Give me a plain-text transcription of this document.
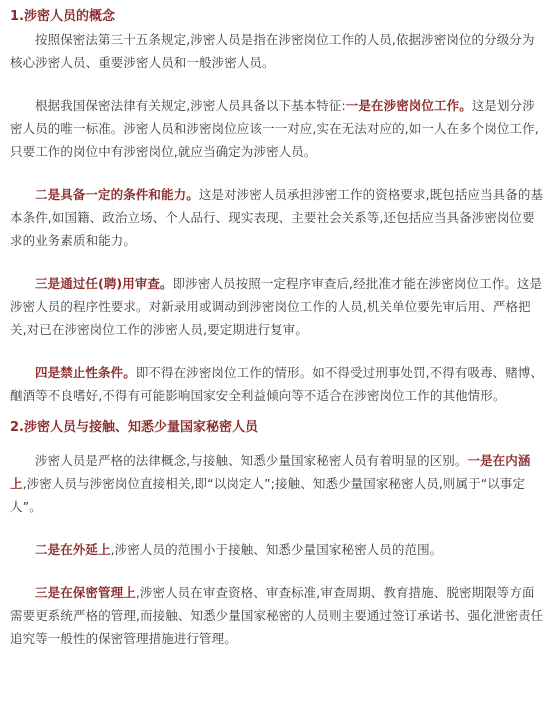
1.涉密人员的概念

按照保密法第三十五条规定,涉密人员是指在涉密岗位工作的人员,依据涉密岗位的分级分为核心涉密人员、重要涉密人员和一般涉密人员。

根据我国保密法律有关规定,涉密人员具备以下基本特征:一是在涉密岗位工作。这是划分涉密人员的唯一标准。涉密人员和涉密岗位应该一一对应,实在无法对应的,如一人在多个岗位工作,只要工作的岗位中有涉密岗位,就应当确定为涉密人员。

二是具备一定的条件和能力。这是对涉密人员承担涉密工作的资格要求,既包括应当具备的基本条件,如国籍、政治立场、个人品行、现实表现、主要社会关系等,还包括应当具备涉密岗位要求的业务素质和能力。

三是通过任(聘)用审查。即涉密人员按照一定程序审查后,经批准才能在涉密岗位工作。这是涉密人员的程序性要求。对新录用或调动到涉密岗位工作的人员,机关单位要先审后用、严格把关,对已在涉密岗位工作的涉密人员,要定期进行复审。

四是禁止性条件。即不得在涉密岗位工作的情形。如不得受过刑事处罚,不得有吸毒、赌博、酗酒等不良嗜好,不得有可能影响国家安全利益倾向等不适合在涉密岗位工作的其他情形。

2.涉密人员与接触、知悉少量国家秘密人员

涉密人员是严格的法律概念,与接触、知悉少量国家秘密人员有着明显的区别。一是在内涵上,涉密人员与涉密岗位直接相关,即“以岗定人”;接触、知悉少量国家秘密人员,则属于“以事定人”。

二是在外延上,涉密人员的范围小于接触、知悉少量国家秘密人员的范围。

三是在保密管理上,涉密人员在审查资格、审查标准,审查周期、教育措施、脱密期限等方面需要更系统严格的管理,而接触、知悉少量国家秘密的人员则主要通过签订承诺书、强化泄密责任追究等一般性的保密管理措施进行管理。
